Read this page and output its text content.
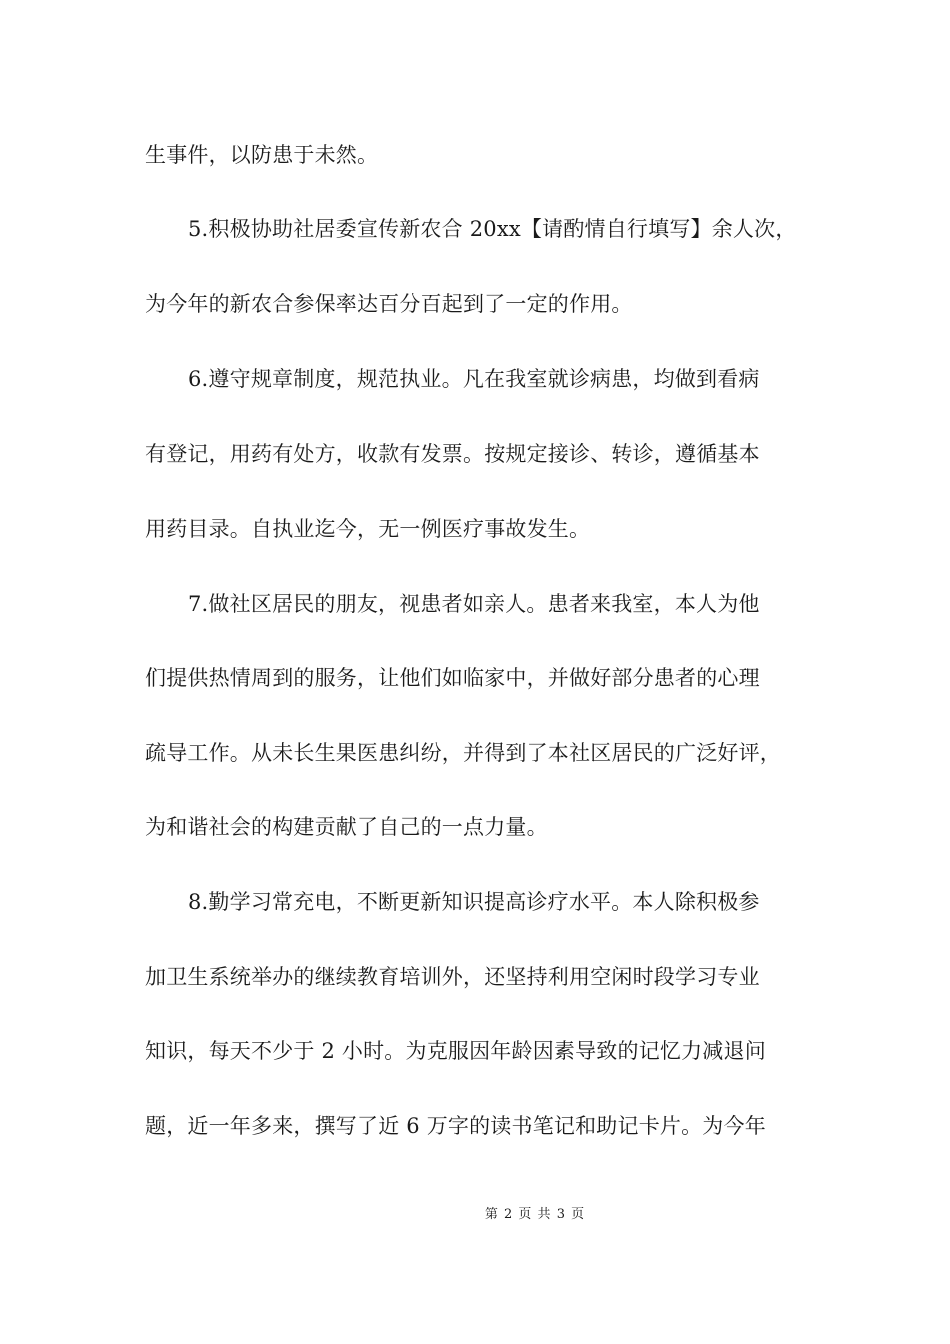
生事件，以防患于未然。
5.积极协助社居委宣传新农合 20xx【请酌情自行填写】余人次，
为今年的新农合参保率达百分百起到了一定的作用。
6.遵守规章制度，规范执业。凡在我室就诊病患，均做到看病
有登记，用药有处方，收款有发票。按规定接诊、转诊，遵循基本
用药目录。自执业迄今，无一例医疗事故发生。
7.做社区居民的朋友，视患者如亲人。患者来我室，本人为他
们提供热情周到的服务，让他们如临家中，并做好部分患者的心理
疏导工作。从未长生果医患纠纷，并得到了本社区居民的广泛好评，
为和谐社会的构建贡献了自己的一点力量。
8.勤学习常充电，不断更新知识提高诊疗水平。本人除积极参
加卫生系统举办的继续教育培训外，还坚持利用空闲时段学习专业
知识，每天不少于 2 小时。为克服因年龄因素导致的记忆力减退问
题，近一年多来，撰写了近 6 万字的读书笔记和助记卡片。为今年
第 2 页 共 3 页
